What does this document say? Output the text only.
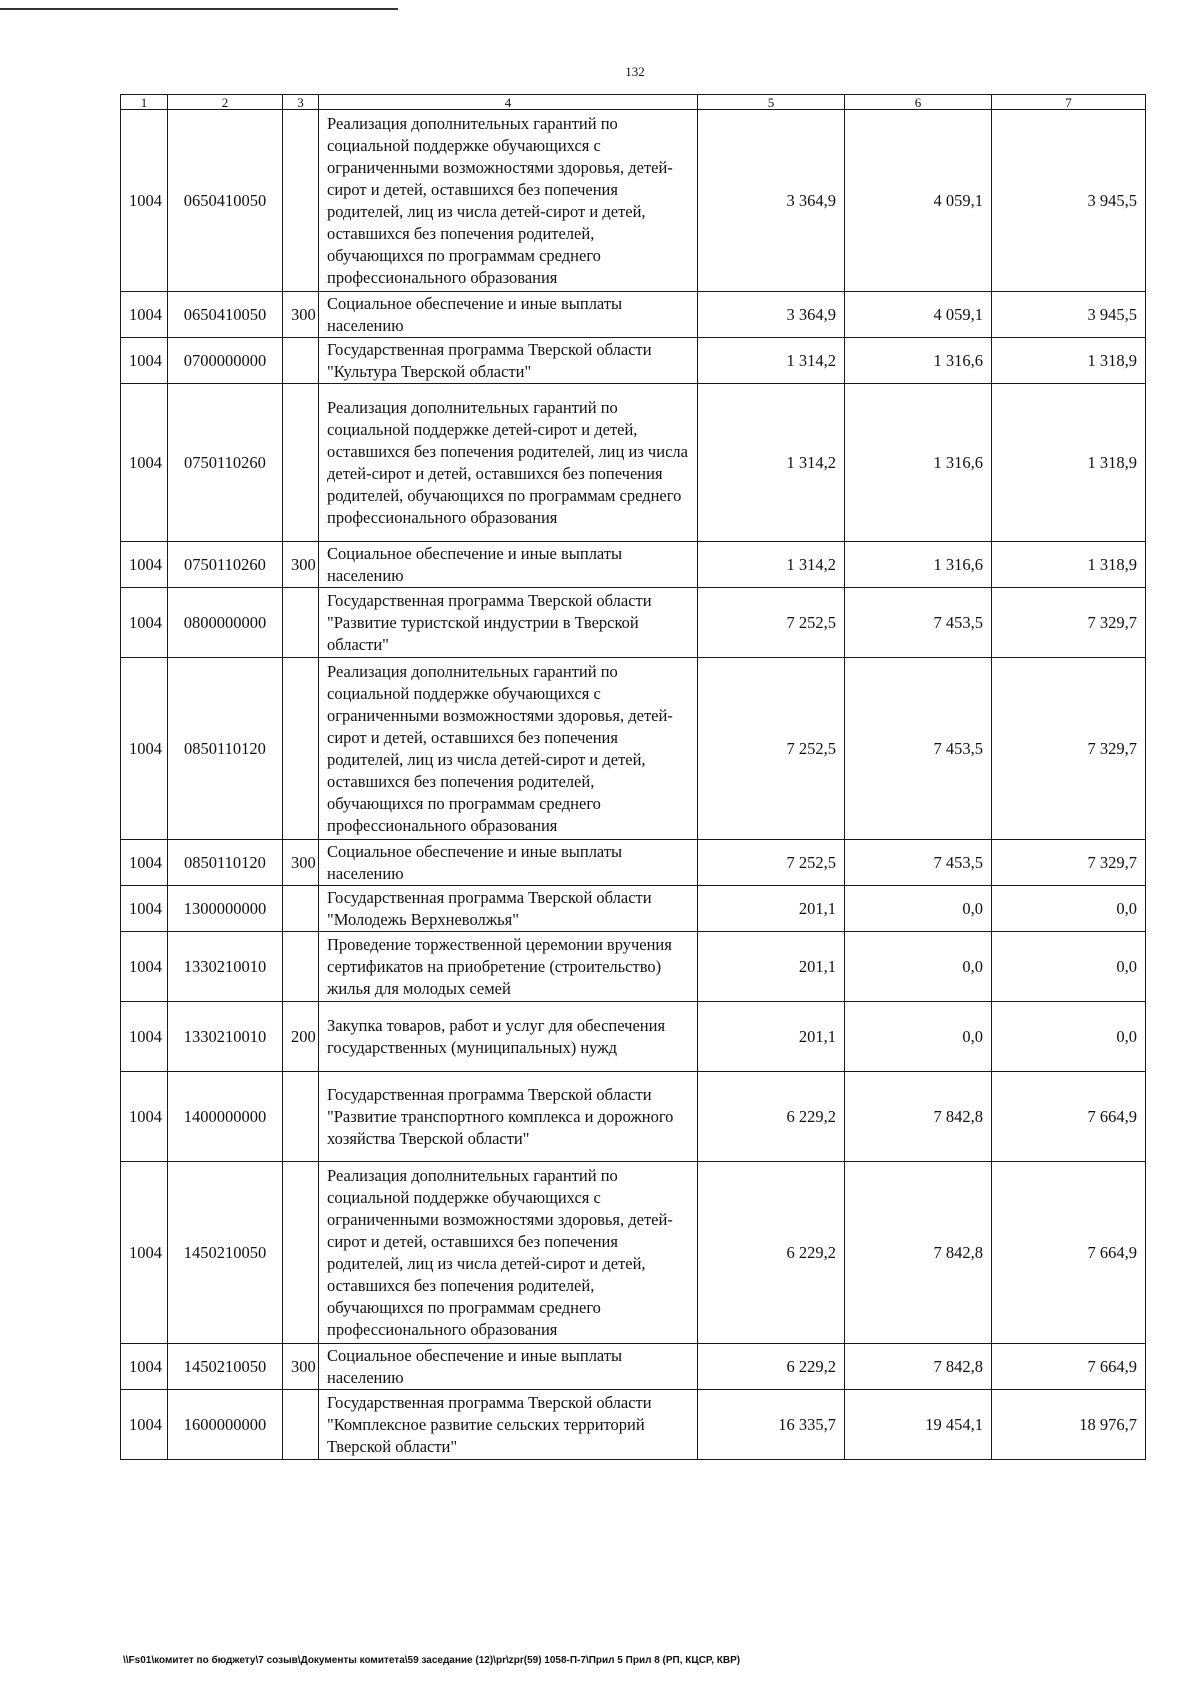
132
1	2	3	4	5	6	7
1004	0650410050		Реализация дополнительных гарантий по социальной поддержке обучающихся с ограниченными возможностями здоровья, детей-сирот и детей, оставшихся без попечения родителей, лиц из числа детей-сирот и детей, оставшихся без попечения родителей, обучающихся по программам среднего профессионального образования	3 364,9	4 059,1	3 945,5
1004	0650410050	300	Социальное обеспечение и иные выплаты населению	3 364,9	4 059,1	3 945,5
1004	0700000000		Государственная программа Тверской области "Культура Тверской области"	1 314,2	1 316,6	1 318,9
1004	0750110260		Реализация дополнительных гарантий по социальной поддержке детей-сирот и детей, оставшихся без попечения родителей, лиц из числа детей-сирот и детей, оставшихся без попечения родителей, обучающихся по программам среднего профессионального образования	1 314,2	1 316,6	1 318,9
1004	0750110260	300	Социальное обеспечение и иные выплаты населению	1 314,2	1 316,6	1 318,9
1004	0800000000		Государственная программа Тверской области "Развитие туристской индустрии в Тверской области"	7 252,5	7 453,5	7 329,7
1004	0850110120		Реализация дополнительных гарантий по социальной поддержке обучающихся с ограниченными возможностями здоровья, детей-сирот и детей, оставшихся без попечения родителей, лиц из числа детей-сирот и детей, оставшихся без попечения родителей, обучающихся по программам среднего профессионального образования	7 252,5	7 453,5	7 329,7
1004	0850110120	300	Социальное обеспечение и иные выплаты населению	7 252,5	7 453,5	7 329,7
1004	1300000000		Государственная программа Тверской области "Молодежь Верхневолжья"	201,1	0,0	0,0
1004	1330210010		Проведение торжественной церемонии вручения сертификатов на приобретение (строительство) жилья для молодых семей	201,1	0,0	0,0
1004	1330210010	200	Закупка товаров, работ и услуг для обеспечения государственных (муниципальных) нужд	201,1	0,0	0,0
1004	1400000000		Государственная программа Тверской области "Развитие транспортного комплекса и дорожного хозяйства Тверской области"	6 229,2	7 842,8	7 664,9
1004	1450210050		Реализация дополнительных гарантий по социальной поддержке обучающихся с ограниченными возможностями здоровья, детей-сирот и детей, оставшихся без попечения родителей, лиц из числа детей-сирот и детей, оставшихся без попечения родителей, обучающихся по программам среднего профессионального образования	6 229,2	7 842,8	7 664,9
1004	1450210050	300	Социальное обеспечение и иные выплаты населению	6 229,2	7 842,8	7 664,9
1004	1600000000		Государственная программа Тверской области "Комплексное развитие сельских территорий Тверской области"	16 335,7	19 454,1	18 976,7
\\Fs01\комитет по бюджету\7 созыв\Документы комитета\59 заседание (12)\pr\zpr(59) 1058-П-7\Прил 5 Прил 8 (РП, КЦСР, КВР)
